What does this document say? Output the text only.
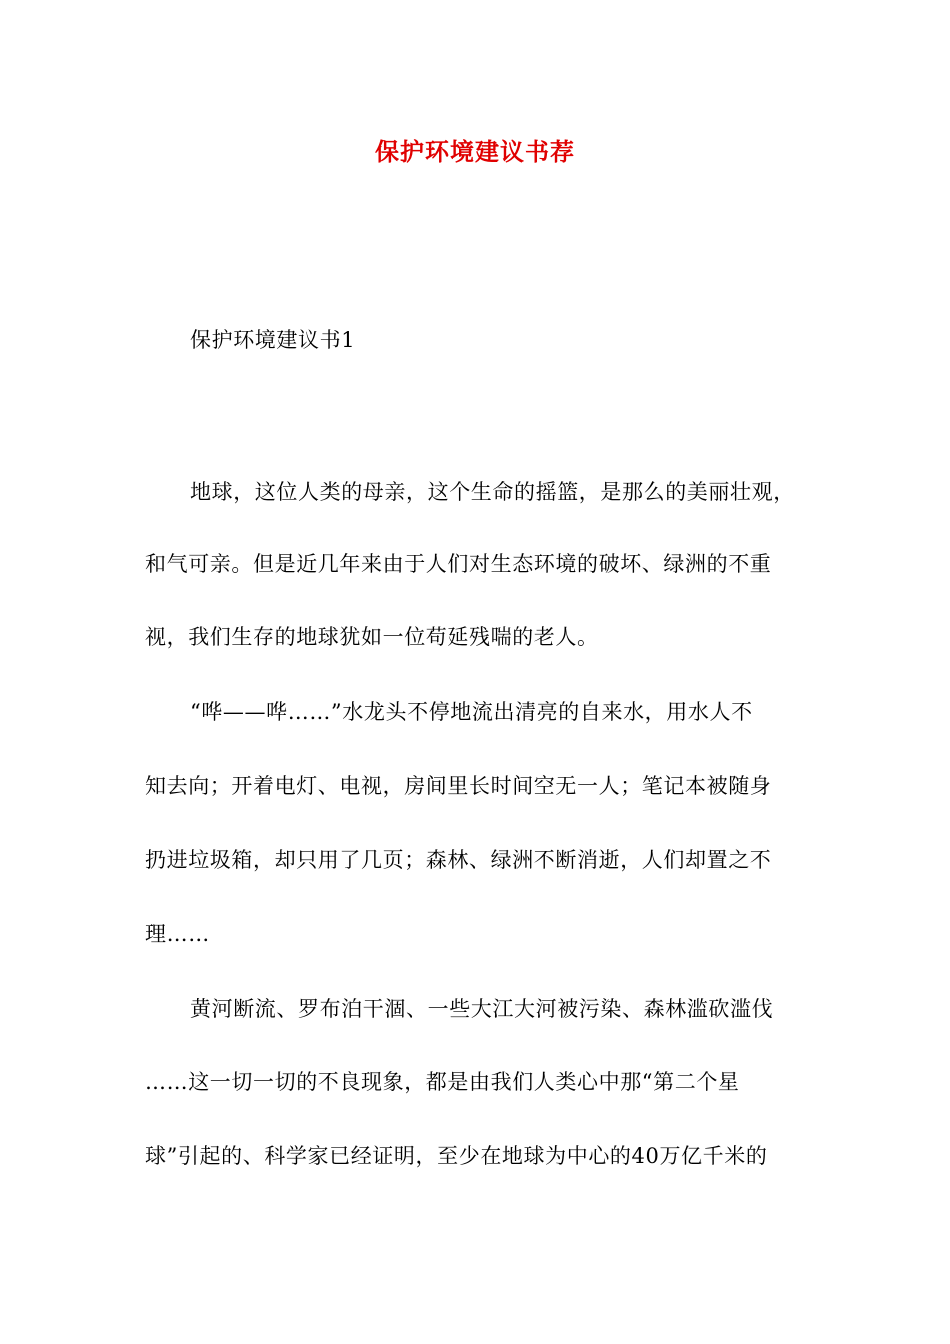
保护环境建议书荐
保护环境建议书1
地球，这位人类的母亲，这个生命的摇篮，是那么的美丽壮观，
和气可亲。但是近几年来由于人们对生态环境的破坏、绿洲的不重
视，我们生存的地球犹如一位苟延残喘的老人。
“哗——哗……”水龙头不停地流出清亮的自来水，用水人不
知去向；开着电灯、电视，房间里长时间空无一人；笔记本被随身
扔进垃圾箱，却只用了几页；森林、绿洲不断消逝，人们却置之不
理……
黄河断流、罗布泊干涸、一些大江大河被污染、森林滥砍滥伐
……这一切一切的不良现象，都是由我们人类心中那“第二个星
球”引起的、科学家已经证明，至少在地球为中心的40万亿千米的
